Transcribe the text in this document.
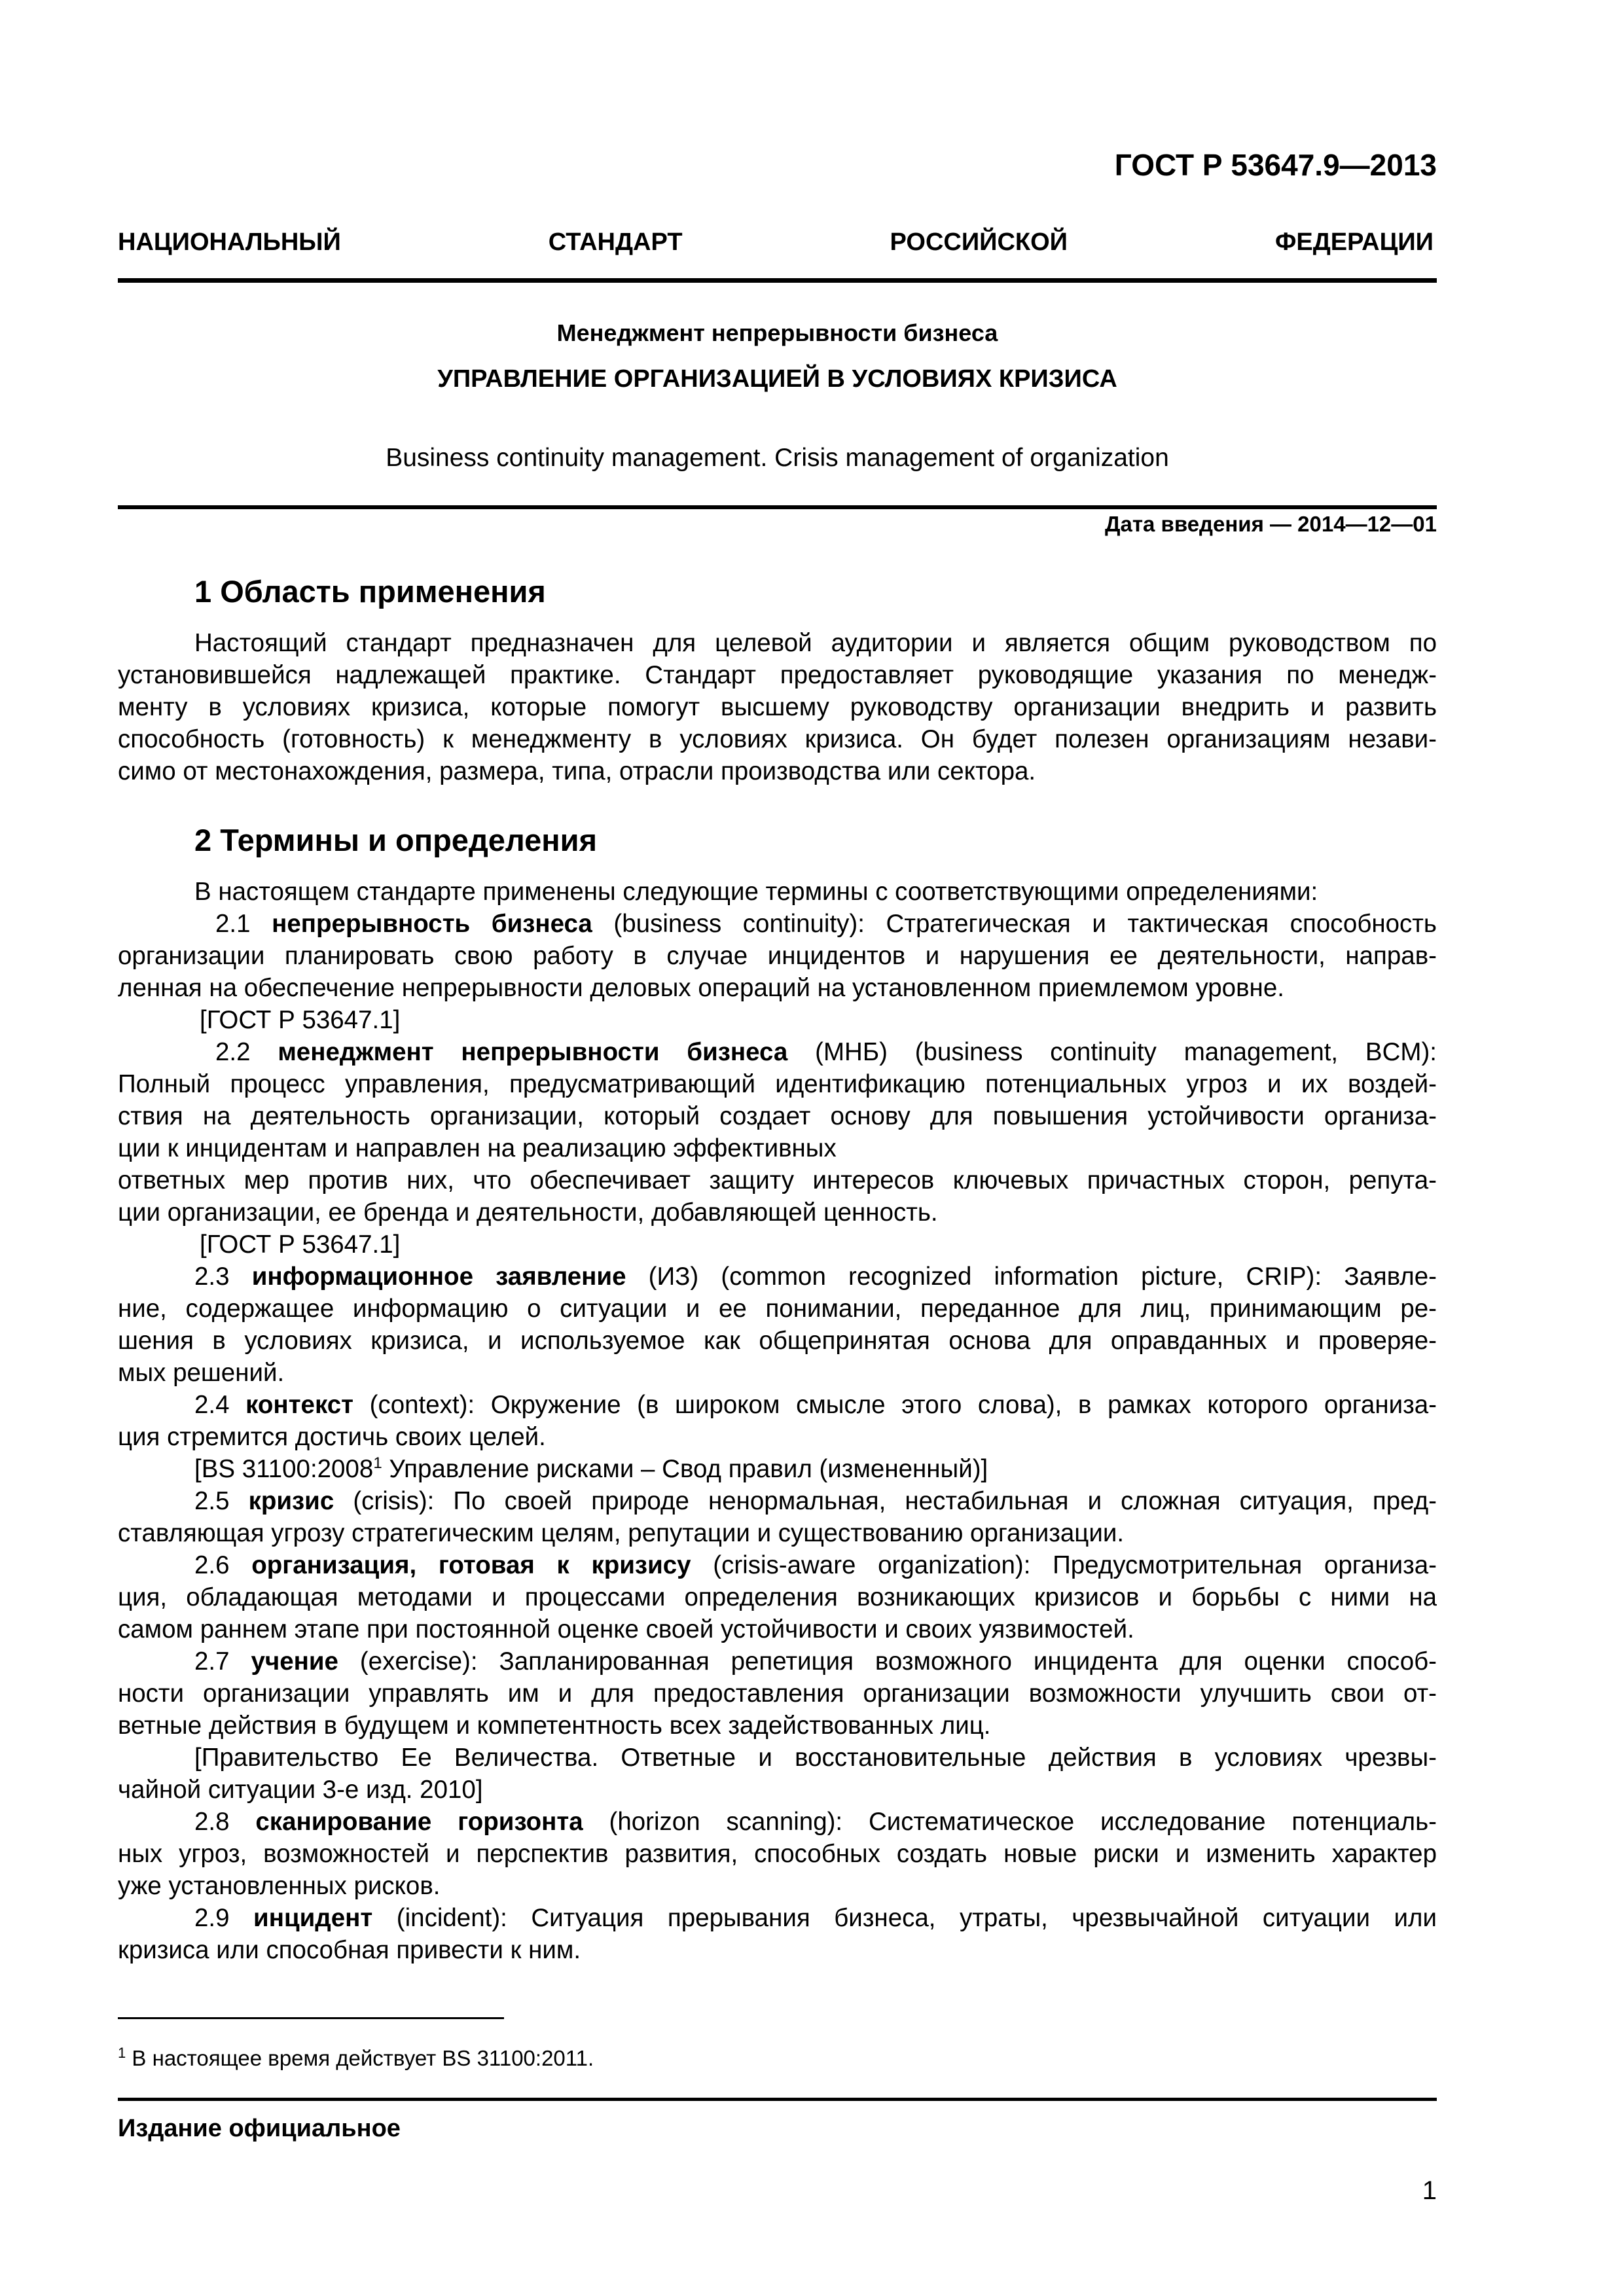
ГОСТ Р 53647.9—2013
НАЦИОНАЛЬНЫЙ	СТАНДАРТ	РОССИЙСКОЙ	ФЕДЕРАЦИИ
Менеджмент непрерывности бизнеса
УПРАВЛЕНИЕ ОРГАНИЗАЦИЕЙ В УСЛОВИЯХ КРИЗИСА
Business continuity management. Crisis management of organization
Дата введения — 2014—12—01
1 Область применения
Настоящий стандарт предназначен для целевой аудитории и является общим руководством по
установившейся надлежащей практике. Стандарт предоставляет руководящие указания по менедж-
менту в условиях кризиса, которые помогут высшему руководству организации внедрить и развить
способность (готовность) к менеджменту в условиях кризиса. Он будет полезен организациям незави-
симо от местонахождения, размера, типа, отрасли производства или сектора.
2 Термины и определения
В настоящем стандарте применены следующие термины с соответствующими определениями:
2.1 непрерывность бизнеса (business continuity): Стратегическая и тактическая способность
организации планировать свою работу в случае инцидентов и нарушения ее деятельности, направ-
ленная на обеспечение непрерывности деловых операций на установленном приемлемом уровне.
[ГОСТ Р 53647.1]
2.2 менеджмент непрерывности бизнеса (МНБ) (business continuity management, BCM):
Полный процесс управления, предусматривающий идентификацию потенциальных угроз и их воздей-
ствия на деятельность организации, который создает основу для повышения устойчивости организа-
ции к инцидентам и направлен на реализацию эффективных
ответных мер против них, что обеспечивает защиту интересов ключевых причастных сторон, репута-
ции организации, ее бренда и деятельности, добавляющей ценность.
[ГОСТ Р 53647.1]
2.3 информационное заявление (ИЗ) (common recognized information picture, CRIP): Заявле-
ние, содержащее информацию о ситуации и ее понимании, переданное для лиц, принимающим ре-
шения в условиях кризиса, и используемое как общепринятая основа для оправданных и проверяе-
мых решений.
2.4 контекст (context): Окружение (в широком смысле этого слова), в рамках которого организа-
ция стремится достичь своих целей.
[BS 31100:2008$^1$ Управление рисками – Свод правил (измененный)]
2.5 кризис (crisis): По своей природе ненормальная, нестабильная и сложная ситуация, пред-
ставляющая угрозу стратегическим целям, репутации и существованию организации.
2.6 организация, готовая к кризису (crisis-aware organization): Предусмотрительная организа-
ция, обладающая методами и процессами определения возникающих кризисов и борьбы с ними на
самом раннем этапе при постоянной оценке своей устойчивости и своих уязвимостей.
2.7 учение (exercise): Запланированная репетиция возможного инцидента для оценки способ-
ности организации управлять им и для предоставления организации возможности улучшить свои от-
ветные действия в будущем и компетентность всех задействованных лиц.
[Правительство Ее Величества. Ответные и восстановительные действия в условиях чрезвы-
чайной ситуации 3-е изд. 2010]
2.8 сканирование горизонта (horizon scanning): Систематическое исследование потенциаль-
ных угроз, возможностей и перспектив развития, способных создать новые риски и изменить характер
уже установленных рисков.
2.9 инцидент (incident): Ситуация прерывания бизнеса, утраты, чрезвычайной ситуации или
кризиса или способная привести к ним.
$^1$ В настоящее время действует BS 31100:2011.
Издание официальное
1
